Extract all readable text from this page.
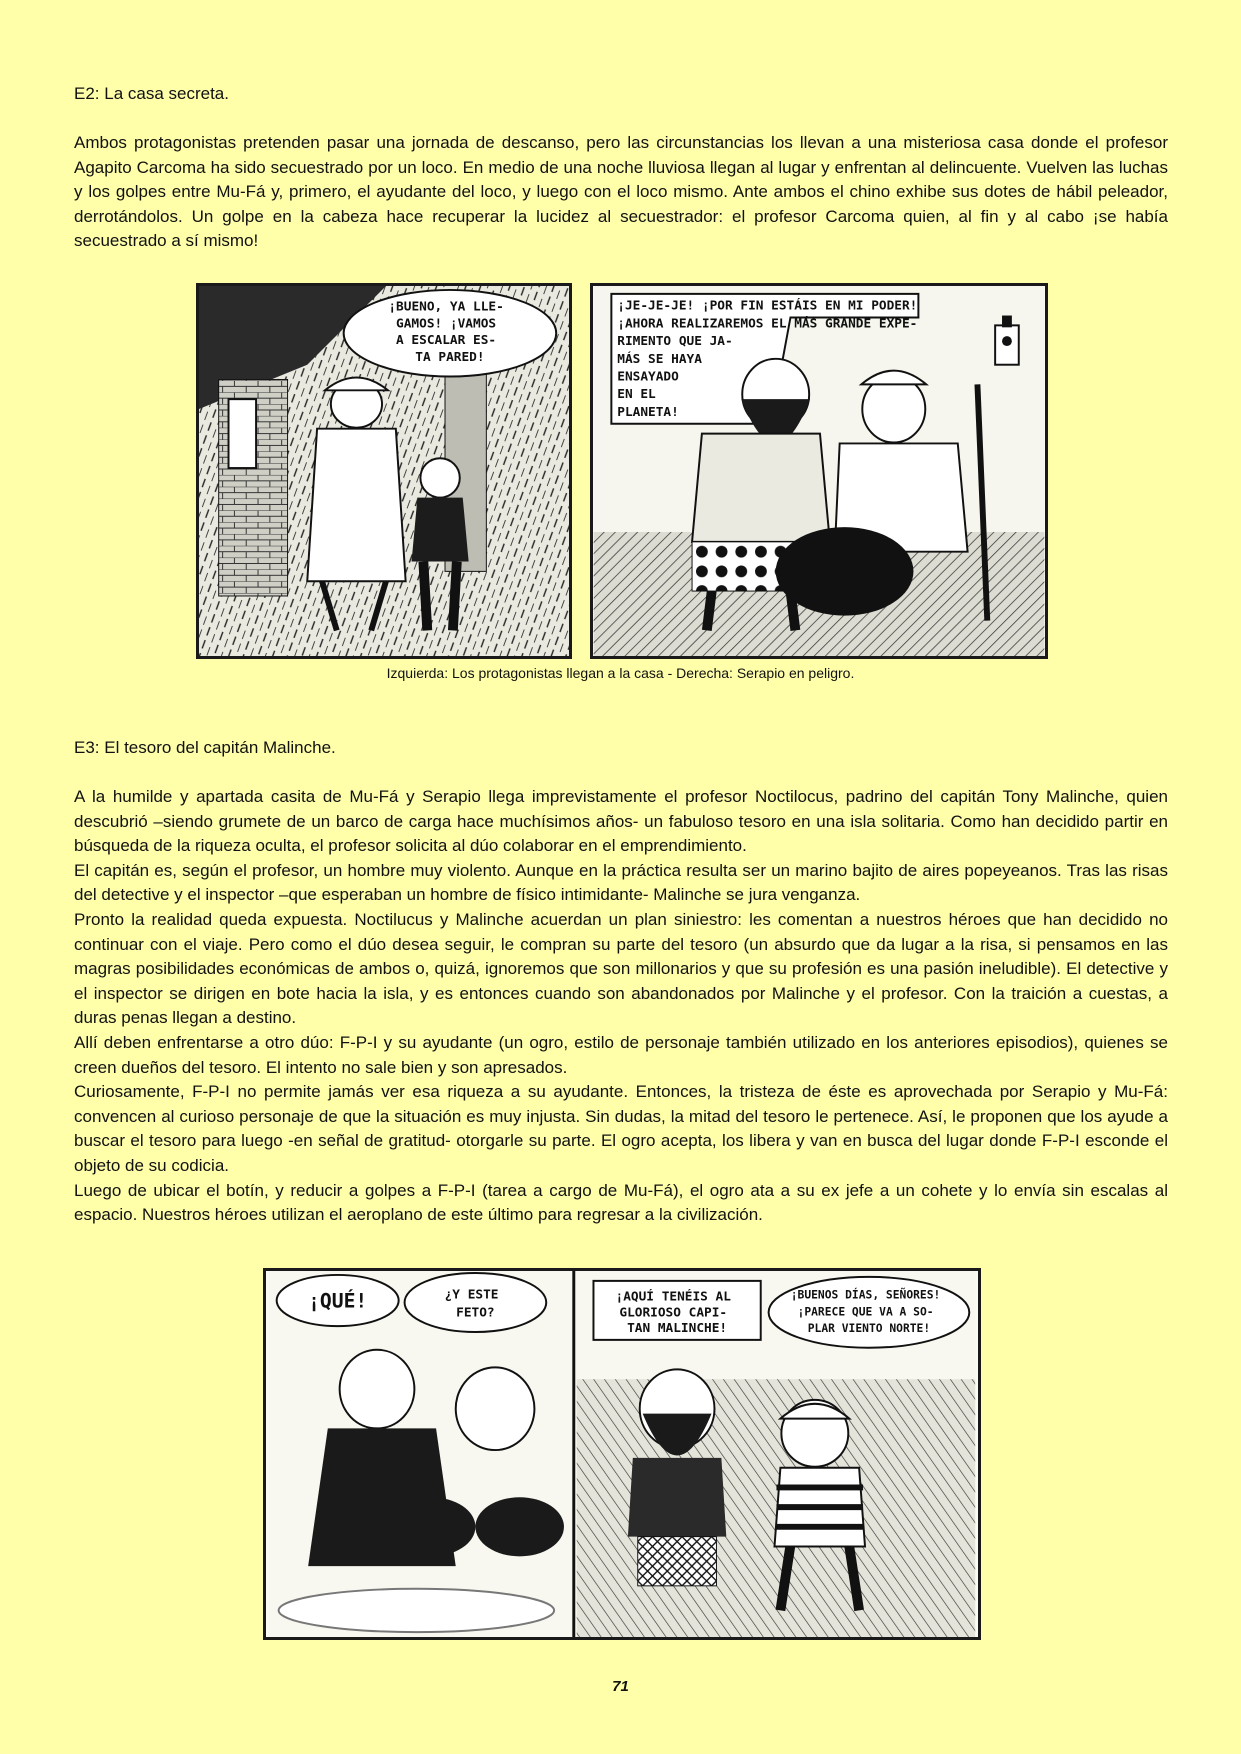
E2: La casa secreta.

Ambos protagonistas pretenden pasar una jornada de descanso, pero las circunstancias los llevan a una misteriosa casa donde el profesor Agapito Carcoma ha sido secuestrado por un loco. En medio de una noche lluviosa llegan al lugar y enfrentan al delincuente. Vuelven las luchas y los golpes entre Mu-Fá y, primero, el ayudante del loco, y luego con el loco mismo. Ante ambos el chino exhibe sus dotes de hábil peleador, derrotándolos. Un golpe en la cabeza hace recuperar la lucidez al secuestrador: el profesor Carcoma quien, al fin y al cabo ¡se había secuestrado a sí mismo!

¡BUENO, YA LLE- GAMOS! ¡VAMOS A ESCALAR ES- TA PARED!
¡JE-JE-JE! ¡POR FIN ESTÁIS EN MI PODER! ¡AHORA REALIZAREMOS EL MÁS GRANDE EXPE- RIMENTO QUE JA- MÁS SE HAYA ENSAYADO EN EL PLANETA!
Izquierda: Los protagonistas llegan a la casa - Derecha: Serapio en peligro.
E3: El tesoro del capitán Malinche.

A la humilde y apartada casita de Mu-Fá y Serapio llega imprevistamente el profesor Noctilocus, padrino del capitán Tony Malinche, quien descubrió –siendo grumete de un barco de carga hace muchísimos años- un fabuloso tesoro en una isla solitaria. Como han decidido partir en búsqueda de la riqueza oculta, el profesor solicita al dúo colaborar en el emprendimiento.

El capitán es, según el profesor, un hombre muy violento. Aunque en la práctica resulta ser un marino bajito de aires popeyeanos. Tras las risas del detective y el inspector –que esperaban un hombre de físico intimidante- Malinche se jura venganza.

Pronto la realidad queda expuesta. Noctilucus y Malinche acuerdan un plan siniestro: les comentan a nuestros héroes que han decidido no continuar con el viaje. Pero como el dúo desea seguir, le compran su parte del tesoro (un absurdo que da lugar a la risa, si pensamos en las magras posibilidades económicas de ambos o, quizá, ignoremos que son millonarios y que su profesión es una pasión ineludible). El detective y el inspector se dirigen en bote hacia la isla, y es entonces cuando son abandonados por Malinche y el profesor. Con la traición a cuestas, a duras penas llegan a destino.

Allí deben enfrentarse a otro dúo: F-P-I y su ayudante (un ogro, estilo de personaje también utilizado en los anteriores episodios), quienes se creen dueños del tesoro. El intento no sale bien y son apresados.

Curiosamente, F-P-I no permite jamás ver esa riqueza a su ayudante. Entonces, la tristeza de éste es aprovechada por Serapio y Mu-Fá: convencen al curioso personaje de que la situación es muy injusta. Sin dudas, la mitad del tesoro le pertenece. Así, le proponen que los ayude a buscar el tesoro para luego -en señal de gratitud- otorgarle su parte. El ogro acepta, los libera y van en busca del lugar donde F-P-I esconde el objeto de su codicia.

Luego de ubicar el botín, y reducir a golpes a F-P-I (tarea a cargo de Mu-Fá), el ogro ata a su ex jefe a un cohete y lo envía sin escalas al espacio. Nuestros héroes utilizan el aeroplano de este último para regresar a la civilización.

¡QUÉ!	¿Y ESTE FETO?
¡AQUÍ TENÉIS AL GLORIOSO CAPI- TAN MALINCHE!
¡BUENOS DÍAS, SEÑORES! ¡PARECE QUE VA A SO- PLAR VIENTO NORTE!
71
